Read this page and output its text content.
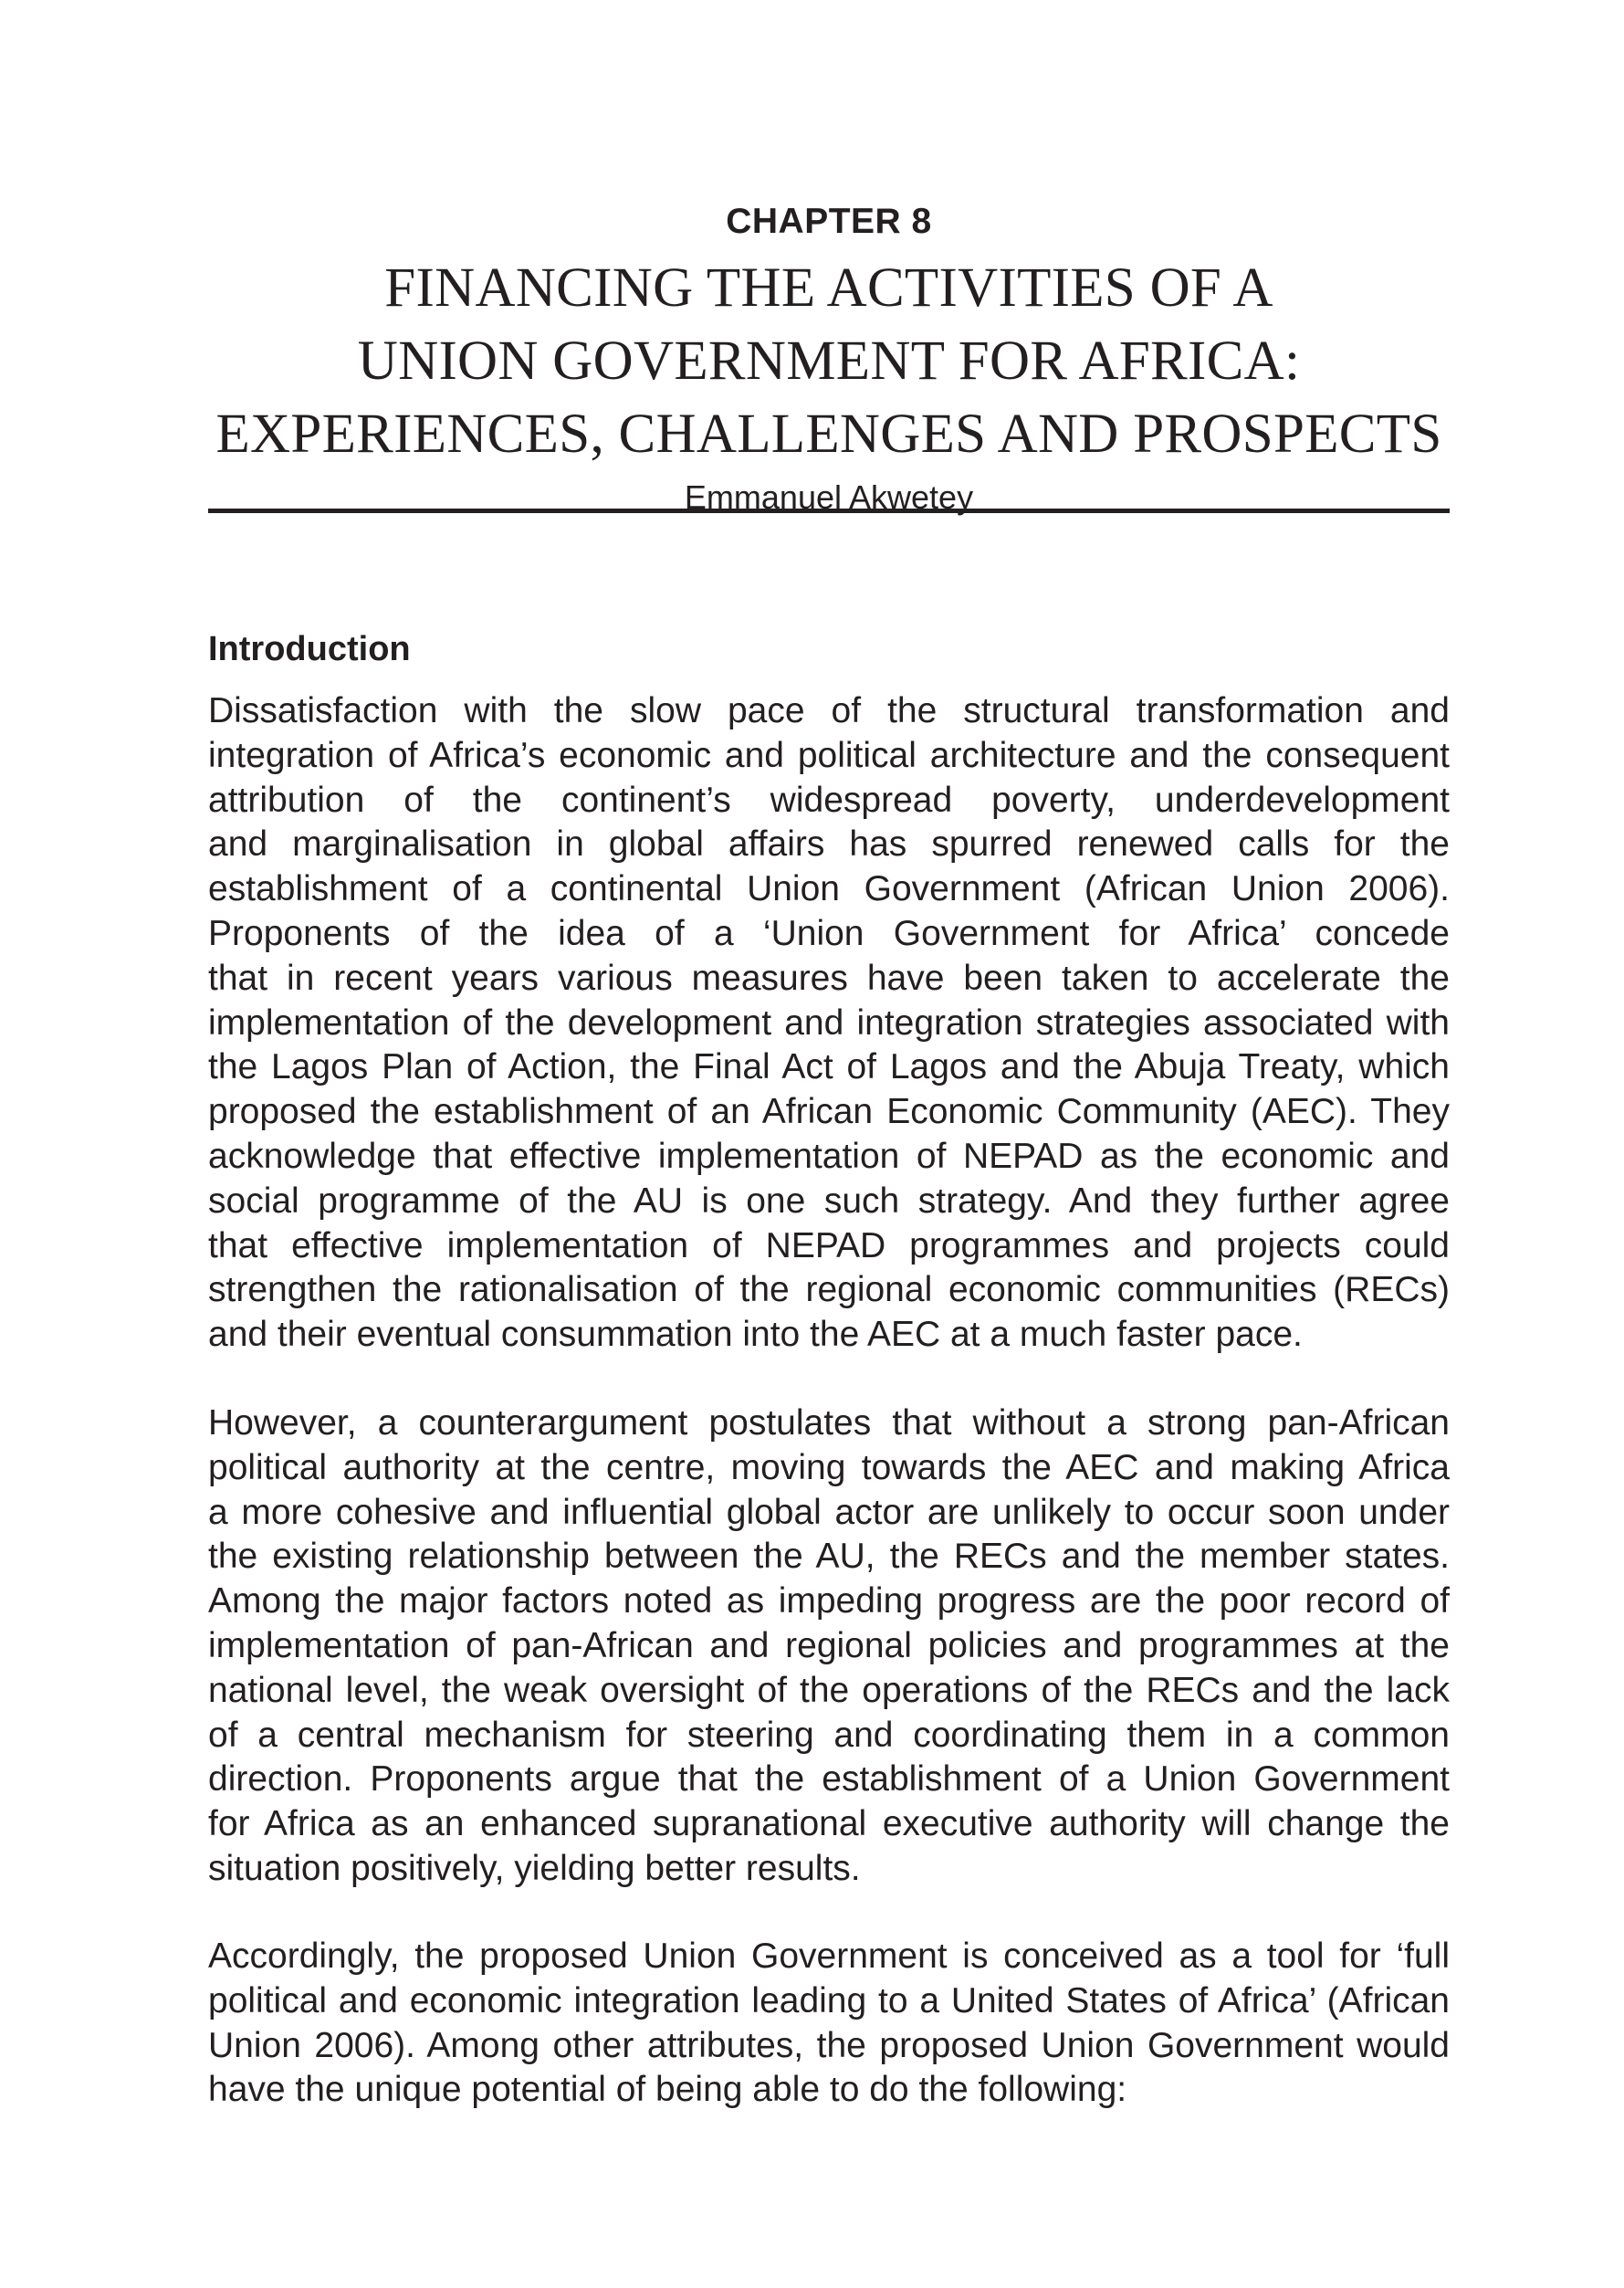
CHAPTER 8
FINANCING THE ACTIVITIES OF A
UNION GOVERNMENT FOR AFRICA:
EXPERIENCES, CHALLENGES AND PROSPECTS
Emmanuel Akwetey
Introduction
Dissatisfaction with the slow pace of the structural transformation and
integration of Africa’s economic and political architecture and the consequent
attribution of the continent’s widespread poverty, underdevelopment
and marginalisation in global affairs has spurred renewed calls for the
establishment of a continental Union Government (African Union 2006).
Proponents of the idea of a ‘Union Government for Africa’ concede
that in recent years various measures have been taken to accelerate the
implementation of the development and integration strategies associated with
the Lagos Plan of Action, the Final Act of Lagos and the Abuja Treaty, which
proposed the establishment of an African Economic Community (AEC). They
acknowledge that effective implementation of NEPAD as the economic and
social programme of the AU is one such strategy. And they further agree
that effective implementation of NEPAD programmes and projects could
strengthen the rationalisation of the regional economic communities (RECs)
and their eventual consummation into the AEC at a much faster pace.
However, a counterargument postulates that without a strong pan-African
political authority at the centre, moving towards the AEC and making Africa
a more cohesive and influential global actor are unlikely to occur soon under
the existing relationship between the AU, the RECs and the member states.
Among the major factors noted as impeding progress are the poor record of
implementation of pan-African and regional policies and programmes at the
national level, the weak oversight of the operations of the RECs and the lack
of a central mechanism for steering and coordinating them in a common
direction. Proponents argue that the establishment of a Union Government
for Africa as an enhanced supranational executive authority will change the
situation positively, yielding better results.
Accordingly, the proposed Union Government is conceived as a tool for ‘full
political and economic integration leading to a United States of Africa’ (African
Union 2006). Among other attributes, the proposed Union Government would
have the unique potential of being able to do the following:
